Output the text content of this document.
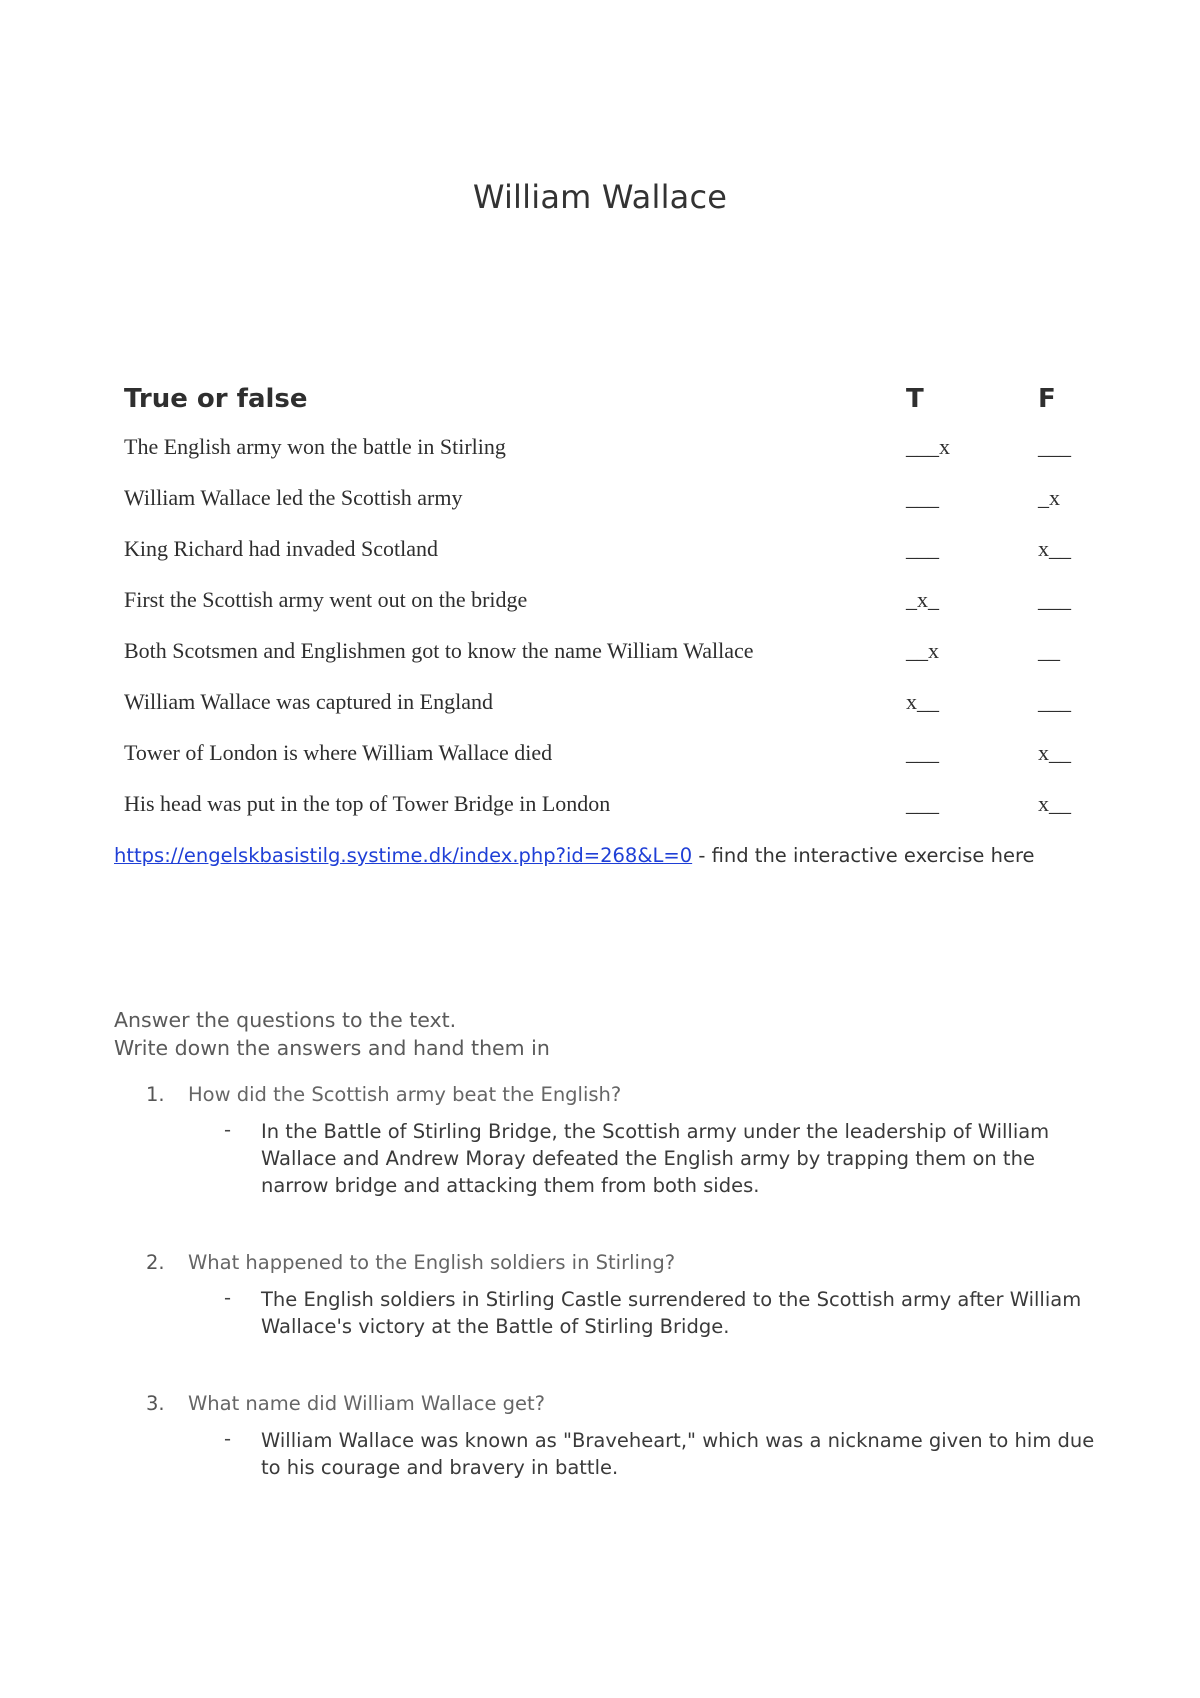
William Wallace
True or false	T	F
The English army won the battle in Stirling	___x	___
William Wallace led the Scottish army	___	_x
King Richard had invaded Scotland	___	x__
First the Scottish army went out on the bridge	_x_	___
Both Scotsmen and Englishmen got to know the name William Wallace	__x	__
William Wallace was captured in England	x__	___
Tower of London is where William Wallace died	___	x__
His head was put in the top of Tower Bridge in London	___	x__
https://engelskbasistilg.systime.dk/index.php?id=268&L=0 - find the interactive exercise here
Answer the questions to the text.
Write down the answers and hand them in
1. How did the Scottish army beat the English?
- In the Battle of Stirling Bridge, the Scottish army under the leadership of William Wallace and Andrew Moray defeated the English army by trapping them on the narrow bridge and attacking them from both sides.
2. What happened to the English soldiers in Stirling?
- The English soldiers in Stirling Castle surrendered to the Scottish army after William Wallace's victory at the Battle of Stirling Bridge.
3. What name did William Wallace get?
- William Wallace was known as "Braveheart," which was a nickname given to him due to his courage and bravery in battle.
